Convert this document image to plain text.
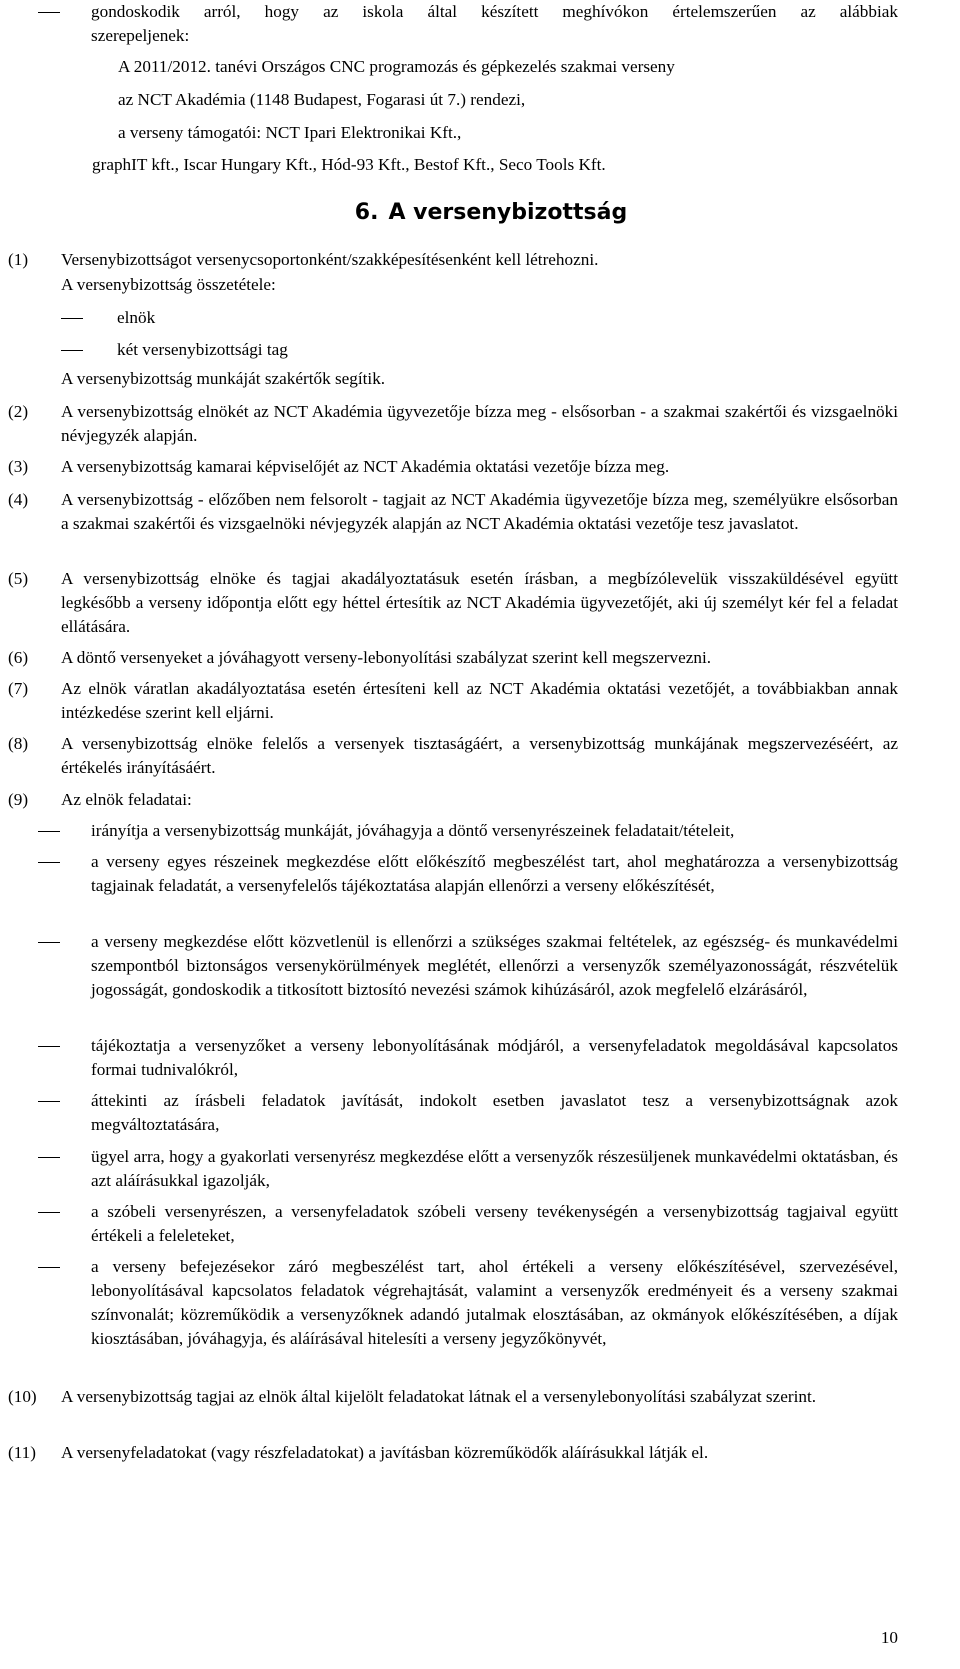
gondoskodik arról, hogy az iskola által készített meghívókon értelemszerűen az alábbiak
szerepeljenek:
A 2011/2012. tanévi Országos CNC programozás és gépkezelés szakmai verseny
az NCT Akadémia (1148 Budapest, Fogarasi út 7.) rendezi,
a verseny támogatói: NCT Ipari Elektronikai Kft.,
graphIT kft., Iscar Hungary Kft., Hód-93 Kft., Bestof Kft., Seco Tools Kft.
6. A versenybizottság
(1) Versenybizottságot versenycsoportonként/szakképesítésenként kell létrehozni.
A versenybizottság összetétele:
elnök
két versenybizottsági tag
A versenybizottság munkáját szakértők segítik.
(2) A versenybizottság elnökét az NCT Akadémia ügyvezetője bízza meg - elsősorban - a szakmai szakértői és vizsgaelnöki névjegyzék alapján.
(3) A versenybizottság kamarai képviselőjét az NCT Akadémia oktatási vezetője bízza meg.
(4) A versenybizottság - előzőben nem felsorolt - tagjait az NCT Akadémia ügyvezetője bízza meg, személyükre elsősorban a szakmai szakértői és vizsgaelnöki névjegyzék alapján az NCT Akadémia oktatási vezetője tesz javaslatot.
(5) A versenybizottság elnöke és tagjai akadályoztatásuk esetén írásban, a megbízólevelük visszaküldésével együtt legkésőbb a verseny időpontja előtt egy héttel értesítik az NCT Akadémia ügyvezetőjét, aki új személyt kér fel a feladat ellátására.
(6) A döntő versenyeket a jóváhagyott verseny-lebonyolítási szabályzat szerint kell megszervezni.
(7) Az elnök váratlan akadályoztatása esetén értesíteni kell az NCT Akadémia oktatási vezetőjét, a továbbiakban annak intézkedése szerint kell eljárni.
(8) A versenybizottság elnöke felelős a versenyek tisztaságáért, a versenybizottság munkájának megszervezéséért, az értékelés irányításáért.
(9) Az elnök feladatai:
irányítja a versenybizottság munkáját, jóváhagyja a döntő versenyrészeinek feladatait/tételeit,
a verseny egyes részeinek megkezdése előtt előkészítő megbeszélést tart, ahol meghatározza a versenybizottság tagjainak feladatát, a versenyfelelős tájékoztatása alapján ellenőrzi a verseny előkészítését,
a verseny megkezdése előtt közvetlenül is ellenőrzi a szükséges szakmai feltételek, az egészség- és munkavédelmi szempontból biztonságos versenykörülmények meglétét, ellenőrzi a versenyzők személyazonosságát, részvételük jogosságát, gondoskodik a titkosított biztosító nevezési számok kihúzásáról, azok megfelelő elzárásáról,
tájékoztatja a versenyzőket a verseny lebonyolításának módjáról, a versenyfeladatok megoldásával kapcsolatos formai tudnivalókról,
áttekinti az írásbeli feladatok javítását, indokolt esetben javaslatot tesz a versenybizottságnak azok megváltoztatására,
ügyel arra, hogy a gyakorlati versenyrész megkezdése előtt a versenyzők részesüljenek munkavédelmi oktatásban, és azt aláírásukkal igazolják,
a szóbeli versenyrészen, a versenyfeladatok szóbeli verseny tevékenységén a versenybizottság tagjaival együtt értékeli a feleleteket,
a verseny befejezésekor záró megbeszélést tart, ahol értékeli a verseny előkészítésével, szervezésével, lebonyolításával kapcsolatos feladatok végrehajtását, valamint a versenyzők eredményeit és a verseny szakmai színvonalát; közreműködik a versenyzőknek adandó jutalmak elosztásában, az okmányok előkészítésében, a díjak kiosztásában, jóváhagyja, és aláírásával hitelesíti a verseny jegyzőkönyvét,
(10) A versenybizottság tagjai az elnök által kijelölt feladatokat látnak el a versenylebonyolítási szabályzat szerint.
(11) A versenyfeladatokat (vagy részfeladatokat) a javításban közreműködők aláírásukkal látják el.
10
